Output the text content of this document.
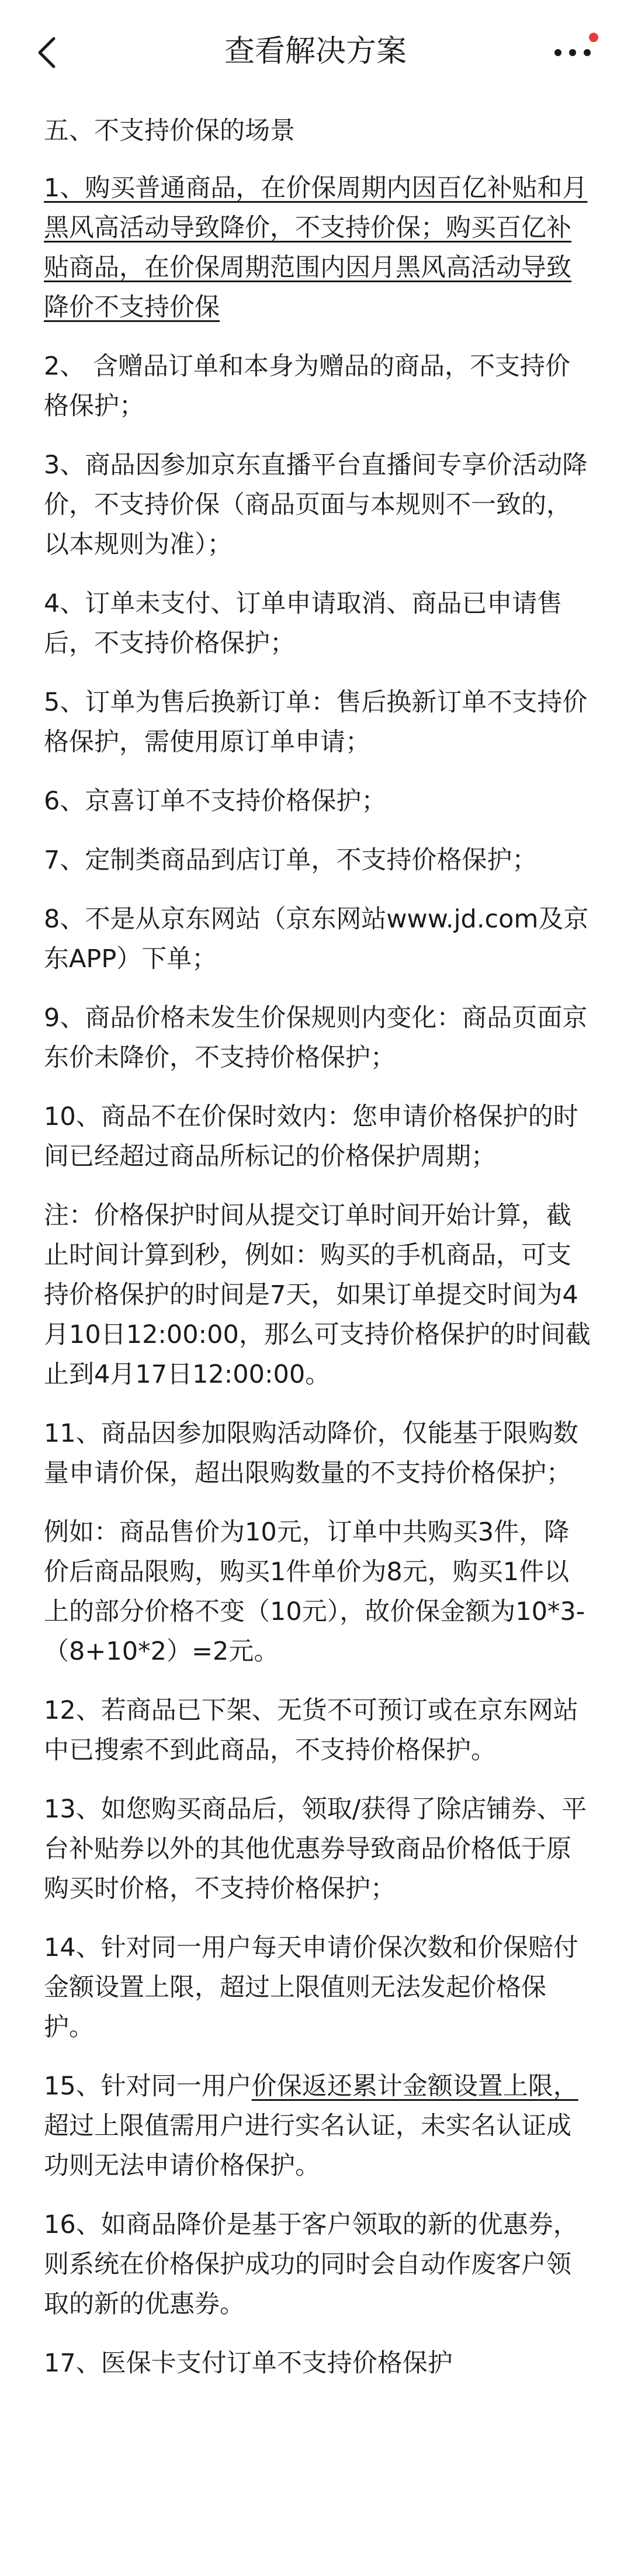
查看解决方案
五、不支持价保的场景
1、购买普通商品，在价保周期内因百亿补贴和月黑风高活动导致降价，不支持价保；购买百亿补贴商品，在价保周期范围内因月黑风高活动导致降价不支持价保
2、 含赠品订单和本身为赠品的商品，不支持价格保护；
3、商品因参加京东直播平台直播间专享价活动降价，不支持价保（商品页面与本规则不一致的，以本规则为准）；
4、订单未支付、订单申请取消、商品已申请售后，不支持价格保护；
5、订单为售后换新订单：售后换新订单不支持价格保护，需使用原订单申请；
6、京喜订单不支持价格保护；
7、定制类商品到店订单，不支持价格保护；
8、不是从京东网站（京东网站www.jd.com及京东APP）下单；
9、商品价格未发生价保规则内变化：商品页面京东价未降价，不支持价格保护；
10、商品不在价保时效内：您申请价格保护的时间已经超过商品所标记的价格保护周期；
注：价格保护时间从提交订单时间开始计算，截止时间计算到秒，例如：购买的手机商品，可支持价格保护的时间是7天，如果订单提交时间为4月10日12:00:00，那么可支持价格保护的时间截止到4月17日12:00:00。
11、商品因参加限购活动降价，仅能基于限购数量申请价保，超出限购数量的不支持价格保护；
例如：商品售价为10元，订单中共购买3件，降价后商品限购，购买1件单价为8元，购买1件以上的部分价格不变（10元），故价保金额为10*3-（8+10*2）=2元。
12、若商品已下架、无货不可预订或在京东网站中已搜索不到此商品，不支持价格保护。
13、如您购买商品后，领取/获得了除店铺券、平台补贴券以外的其他优惠券导致商品价格低于原购买时价格，不支持价格保护；
14、针对同一用户每天申请价保次数和价保赔付金额设置上限，超过上限值则无法发起价格保护。
15、针对同一用户价保返还累计金额设置上限，超过上限值需用户进行实名认证，未实名认证成功则无法申请价格保护。
16、如商品降价是基于客户领取的新的优惠券，则系统在价格保护成功的同时会自动作废客户领取的新的优惠券。
17、医保卡支付订单不支持价格保护
